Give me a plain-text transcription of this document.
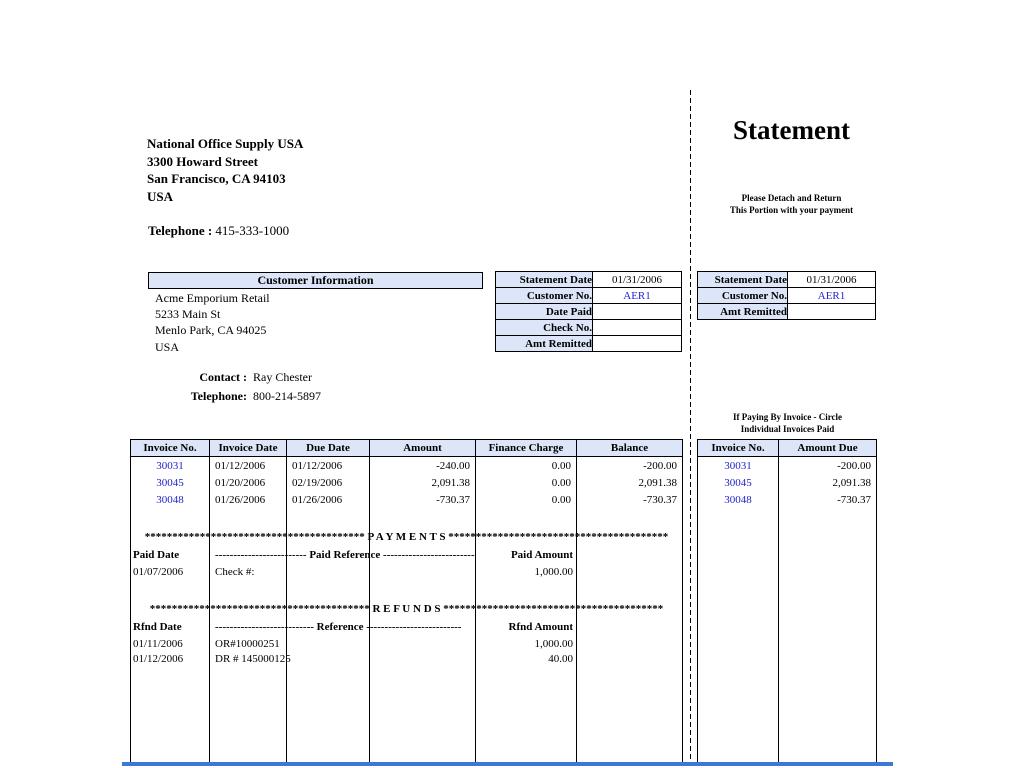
National Office Supply USA
3300 Howard Street
San Francisco, CA 94103
USA
Telephone : 415-333-1000
Customer Information
Acme Emporium Retail
5233 Main St
Menlo Park, CA 94025
USA
Contact : Ray Chester
Telephone: 800-214-5897
Statement Date	01/31/2006
Customer No.	AER1
Date Paid	
Check No.	
Amt Remitted	
Statement
Please Detach and Return
This Portion with your payment
Statement Date	01/31/2006
Customer No.	AER1
Amt Remitted	
If Paying By Invoice - Circle
Individual Invoices Paid
Invoice No.	Amount Due
30031	-200.00
30045	2,091.38
30048	-730.37
Invoice No.	Invoice Date	Due Date	Amount	Finance Charge	Balance
30031	01/12/2006	01/12/2006	-240.00	0.00	-200.00
30045	01/20/2006	02/19/2006	2,091.38	0.00	2,091.38
30048	01/26/2006	01/26/2006	-730.37	0.00	-730.37
**************************************** P A Y M E N T S ****************************************
Paid Date	------------------------- Paid Reference -------------------------	Paid Amount
01/07/2006	Check #:	1,000.00
**************************************** R E F U N D S ****************************************
Rfnd Date	--------------------------- Reference --------------------------	Rfnd Amount
01/11/2006	OR#10000251	1,000.00
01/12/2006	DR # 145000125	40.00
